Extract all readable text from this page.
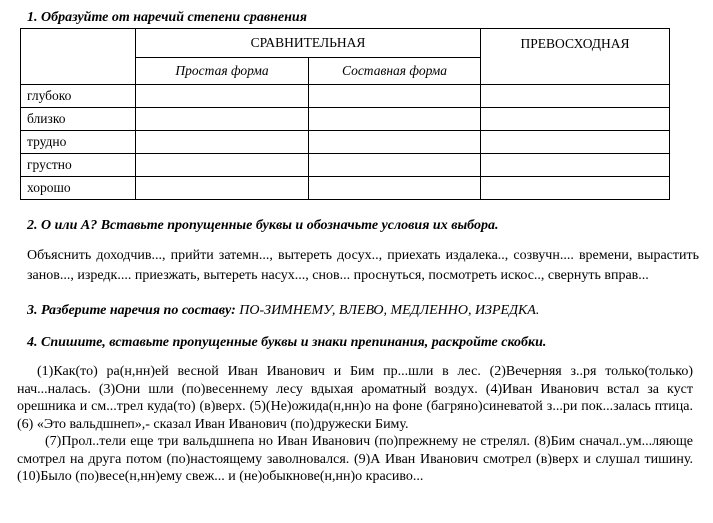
1. Образуйте от наречий степени сравнения
	СРАВНИТЕЛЬНАЯ		ПРЕВОСХОДНАЯ
	Простая форма	Составная форма	
глубоко			
близко			
трудно			
грустно			
хорошо			
2. О или А? Вставьте пропущенные буквы и обозначьте условия их выбора.

Объяснить доходчив..., прийти затемн..., вытереть досух.., приехать издалека.., созвучн.... времени, вырастить занов..., изредк.... приезжать, вытереть насух..., снов... проснуться, посмотреть искос.., свернуть вправ...

3. Разберите наречия по составу: ПО-ЗИМНЕМУ, ВЛЕВО, МЕДЛЕННО, ИЗРЕДКА.
4. Спишите, вставьте пропущенные буквы и знаки препинания, раскройте скобки.

(1)Как(то) ра(н,нн)ей весной Иван Иванович и Бим пр...шли в лес. (2)Вечерняя з..ря только(только) нач...налась. (3)Они шли (по)весеннему лесу вдыхая ароматный воздух. (4)Иван Иванович встал за куст орешника и см...трел куда(то) (в)верх. (5)(Не)ожида(н,нн)о на фоне (багряно)синеватой з...ри пок...залась птица. (6) «Это вальдшнеп»,- сказал Иван Иванович (по)дружески Биму.

(7)Прол..тели еще три вальдшнепа но Иван Иванович (по)прежнему не стрелял. (8)Бим сначал..ум...ляюще смотрел на друга потом (по)настоящему заволновался. (9)А Иван Иванович смотрел (в)верх и слушал тишину. (10)Было (по)весе(н,нн)ему свеж... и (не)обыкнове(н,нн)о красиво...
